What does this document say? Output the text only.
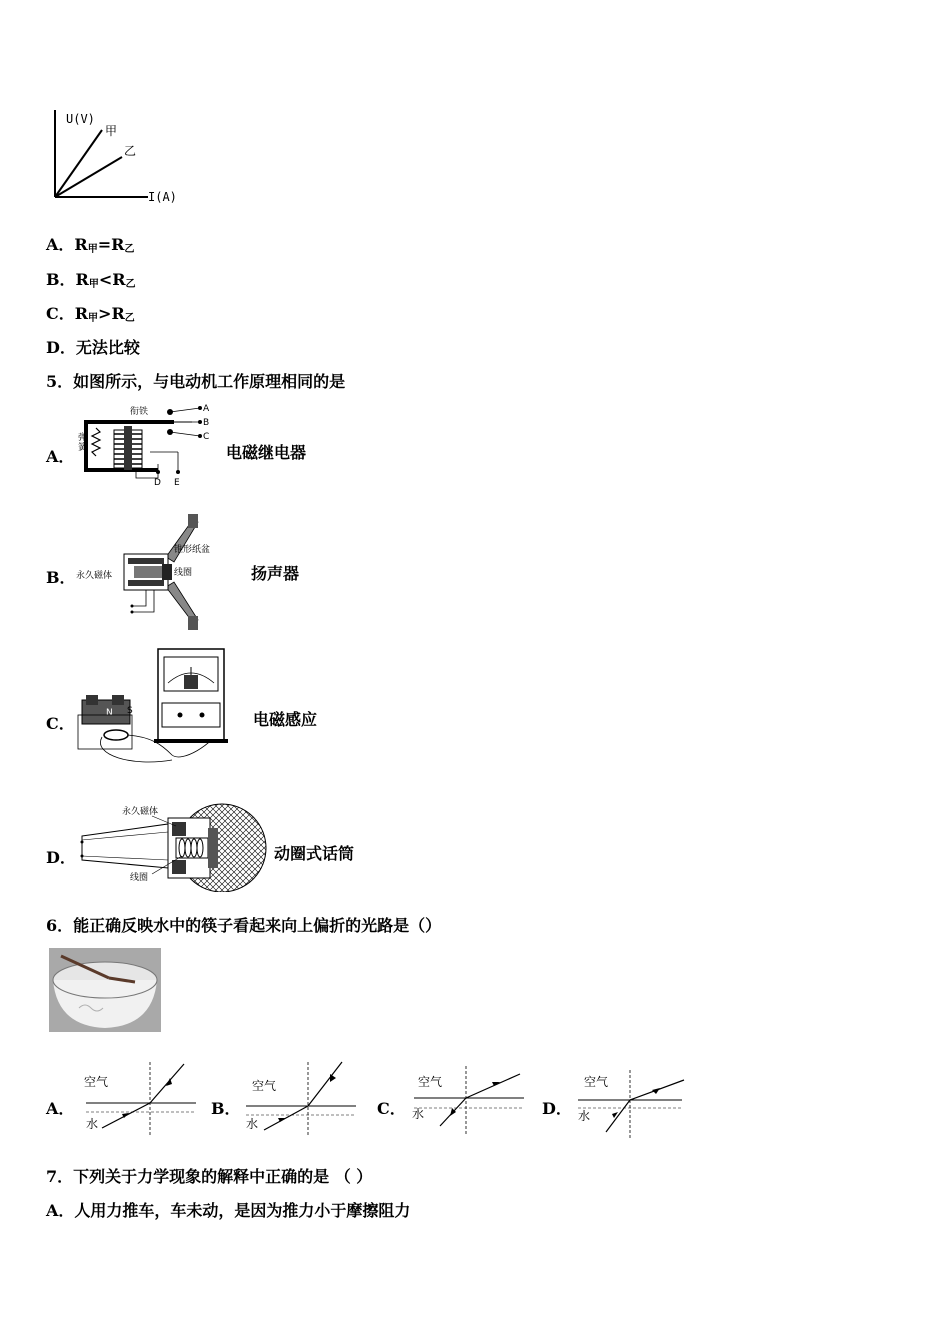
U(V)
I(A)
甲
乙
A．$R_甲=R_乙$
B．$R_甲<R_乙$
C．$R_甲>R_乙$
D．无法比较
5．如图所示，与电动机工作原理相同的是
A．
A
B
C
衔铁
弹
簧
D E
电磁继电器
B．
锥形纸盆
永久磁体	线圈	扬声器
C．
N S	电磁感应
D．
永久磁体
线圈
动圈式话筒
6．能正确反映水中的筷子看起来向上偏折的光路是（）
A．
空气
水
B．
空气
水
C．
空气
水	D．
空气
水
7．下列关于力学现象的解释中正确的是 （ ）
A．人用力推车，车未动，是因为推力小于摩擦阻力
